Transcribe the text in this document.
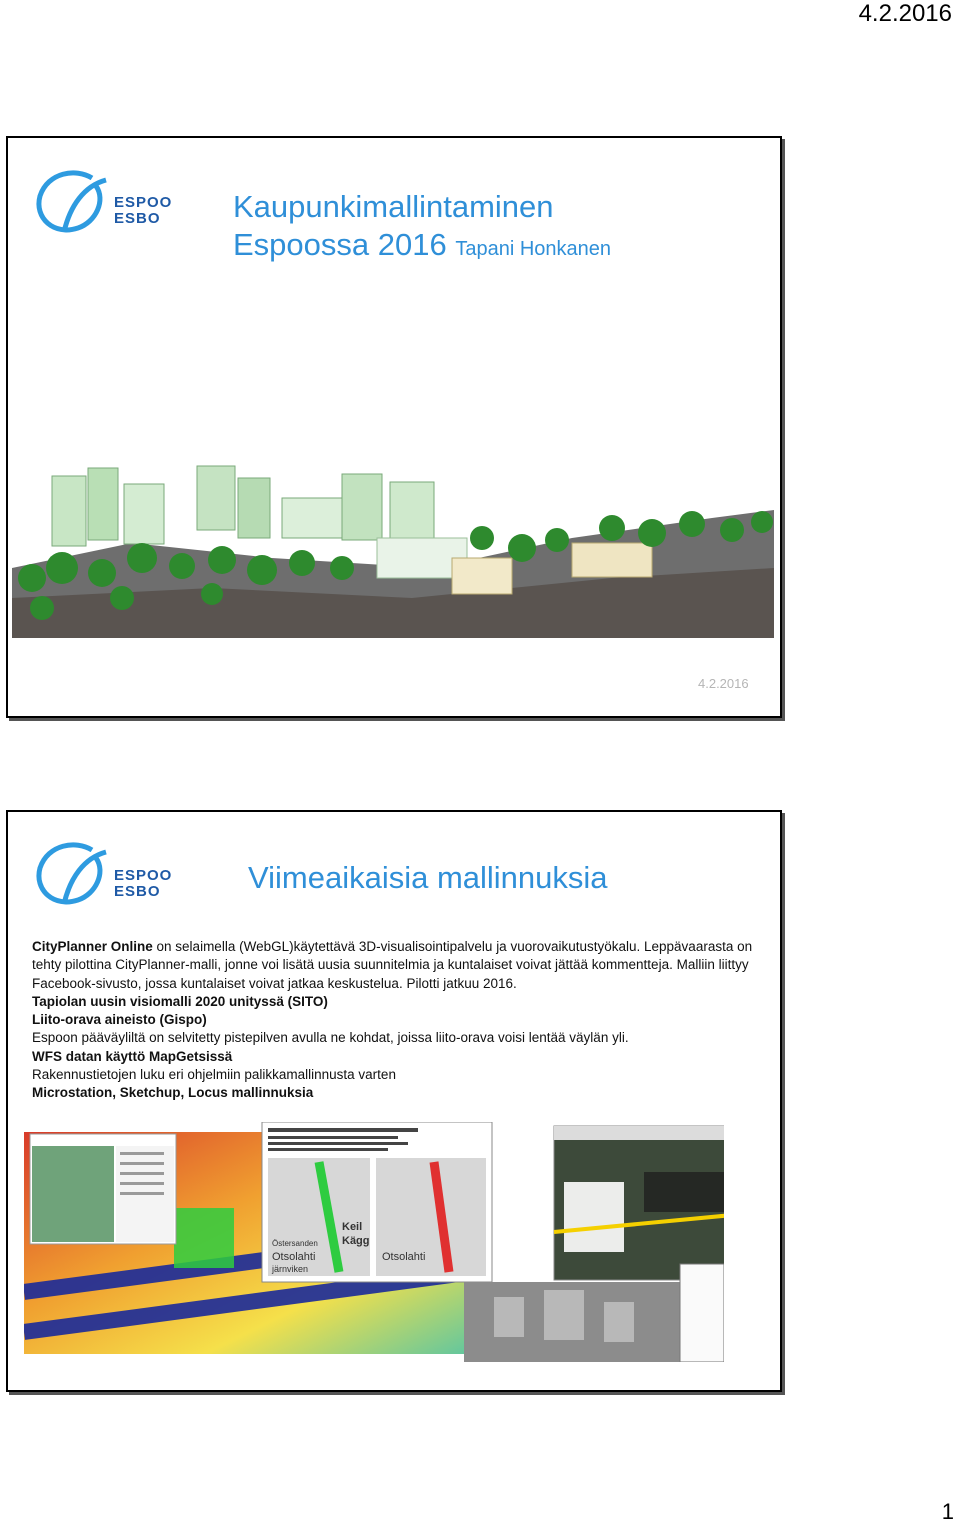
4.2.2016
ESPOO
ESBO	Kaupunkimallintaminen
Espoossa 2016 Tapani Honkanen
4.2.2016
ESPOO
ESBO	Viimeaikaisia mallinnuksia

CityPlanner Online on selaimella (WebGL)käytettävä 3D-visualisointipalvelu ja vuorovaikutustyökalu. Leppävaarasta on tehty pilottina CityPlanner-malli, jonne voi lisätä uusia suunnitelmia ja kuntalaiset voivat jättää kommentteja. Malliin liittyy Facebook-sivusto, jossa kuntalaiset voivat jatkaa keskustelua. Pilotti jatkuu 2016.

Tapiolan uusin visiomalli 2020 unityssä (SITO)

Liito-orava aineisto (Gispo)

Espoon pääväyliltä on selvitetty pistepilven avulla ne kohdat, joissa liito-orava voisi lentää väylän yli.

WFS datan käyttö MapGetsissä

Rakennustietojen luku eri ohjelmiin palikkamallinnusta varten

Microstation, Sketchup, Locus mallinnuksia

Keil
Kägg
Östersanden
Otsolahti	Otsolahti
järnviken
1
